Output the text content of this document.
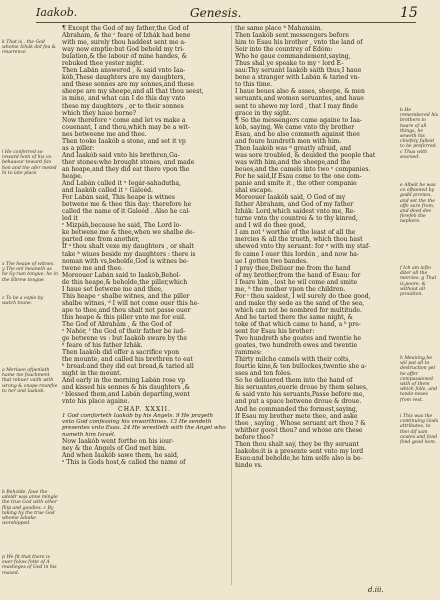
Iaakob.	Genesis.	15
k That is , the God whome Izhák did fea & reuerence
l He conferred so reward hom of his vo behauour toward fun hon and the afer meted hi to late place
x The heape of witnes. y The onl meaneth as he Sy-rian tongue, he in the Ebrew tongue.
z To be a espie by watch toune.
a Meriuen ofpenlath hame me fouchment that rebuer vaith with wrong & vnape-rounflie to her and Iaakob.
b Beholde, faue the adoldr was anne mingle the true God with other fhip and goodies. c By taking by the true God whome Iahake worshipped.
p We fit that there is euer folow fotte of A reasheges of God in his reased.
b He remembered his brothers to heare of all things, he seweth his chiefely fullest to be preferred. c Thus with soursed.
e Albeit he was co ofteened by godd promes, and set the the offe sure from, and deed dee ferefeh the nephere.
f Ich am lefto diter all the mercies. g That is,poore, & without all prouition.
h Meaning,he wil put all to destruction yet he affer compassioned with of them which folle, and tende-neses from rest.
i This was the continuing Gods attributes, to thei dif sam ocutes and fond fond good hom.
¶ Except the God of my father,the God of
Abraham, & the ʳ feare of Izhák had bene
with me, surely thou haddest sent me a-
way now emptie:but God beheld my tri-
bulation,& the labour of mine handes, &
rebuked thee yester night.
Then Labán answered , & said vnto Iaa-
kób,These daughters are my daughters,
and these sonnes are my sonnes,and these
sheepe are my sheepe,and all that thou seest,
is mine, and what can I do this day vnto
these my daughters , or to their sonnes
which they haue borne?
Now therefore ˢ come and let vs make a
couenant, I and thou,which may be a wit-
nes betweene me and thee.
Then tooke Iaakób a stone, and set it vp
as a piller:
And Iaakób said vnto his brethren,Ga-
ther stones:who brought stones, and made
an heape,and they did eat there vpon the
heape.
And Labán called it ˣ Iegár-sahadutha,
and Iaakób called it ʸ Galeéd.
For Labán said, This heape is witnes
betwene me & thee this day: therefore he
called the name of it Galeéd . Also he cal-
led it
ᶻ Mizpáh,because he said, The Lord lo-
ke betwene me & thee,when we shalbe de-
parted one from another,
If ᵃ thou shalt vexe my daughters , or shalt
take ᵇ wiues beside my daughters : there is
noman with vs,beholde,God is witnes be-
twene me and thee.
Moreouer Labán said to Iaakób,Behol-
de this heape,& beholde,the piller,which
I haue set betwene me and thee,
This heape ᶜ shalbe witnes, and the piller
shalbe witnes, ᵈ I will not come ouer this he-
ape to thee,and thou shalt not passe ouer
this heape & this piller vnto me for euil.
The God of Abrahám , & the God of
ᵉ Nahór, ᶠ the God of their father be iud-
ge betwene vs : but Iaakób sware by the
ᵍ feare of his father Izhák.
Then Iaakób did offer a sacrifice vpon
the mounte, and called his brethren to eat
ʰ bread:and they did eat bread,& taried all
night in the mount.
And early in the morning Labán rose vp
and kissed his sonnes & his daughters ,&
ⁱ blessed them,and Labán departing,went
vnto his place againe.
CHAP. XXXII.
1 God comforteth Iaakób by his Angels. 9 He prayeth vnto God confessing his vnworthines. 13 He sendeth presentes vnto Esau. 24 He wrestleth with the Angel who nameth him Israél.
Now Iaakób went forthe on his iour-
ney & the Angels of God met him.
And when Iaakób sawe them, he said,
ᵃ This is Gods host,& called the name of
the same place ᵇ Mahanáim.
Then Iaakób sent messengers before
him to Esau his brother , vnto the land of
Seir into the countrey of Edóm:
Who he gaue commandement,saying,
Thus shal ye speake to my ᶜ lord E-
sau:Thy seruant Iaakób saith thus,I haue
bene a stranger with Labán & taried vn-
to this time.
I haue beues also & asses, sheepe, & men
seruants,and women seruantes, and haue
sent to shewe my lord , that I may finde
grace in thy sight.
¶ So the messengers came againe to Iaa-
kób, saying, We came vnto thy brother
Esau, and he also commeth against thee
and foure hundreth men with him.
Then Iaakób was ᵈ greatly afraid, and
was sore troubled, & deuided the people that
was with him,and the sheepe,and the
beues,and the camels into two ᵉ companies.
For he said,If Esau come to the one com-
panie and smite it , the other companie
shal escape.
Moreouer Iaakób said, O God of my
father Abraham, and God of my father
Izhák: Lord,which saidest vnto me, Re-
turne vnto thy countrei & to thy kinred,
and I wil do thee good,
I am not ᶠ worthie of the least of all the
mercies & all the trueth, which thou hast
shewed vnto thy seruant: for ᵍ with my staf-
fe came I ouer this Iordén , and now ha-
ue I gotten two bandes.
I pray thee,Deliuer me from the hand
of my brother,from the hand of Esau: for
I feare him , lest he wil come and smite
me, ʰ the mother vpon the children.
For ⁱ thou saidest, I wil surely do thee good,
and make thy sede as the sand of the sea,
which can not be nombred for multitude.
And he taried there the same night, &
toke of that which came to hand, a ᵏ pre-
sent for Esau his brother:
Two hundreth she goates and twentie he
goates, two hundreth ewes and twentie
rammes:
Thirty milche camels with their colts,
fourtie kine,& ten bullockes,twentie she a-
sses and ten foles.
So he deliuered them into the hand of
his seruantes,euerie droue by them selues,
& said vnto his seruants,Passe before me,
and put a space betwene droue & droue.
And he commanded the formest,saying,
If Esau my brother mete thee, and aske
thee , saying , Whose seruant art thou ? &
whither goest thou? and whose are these
before thee?
Then thou shalt say, they be thy seruant
Iaakobs:it is a presente sent vnto my lord
Esau:and beholde,he him selfe also is be-
hinde vs.
d.iii.
